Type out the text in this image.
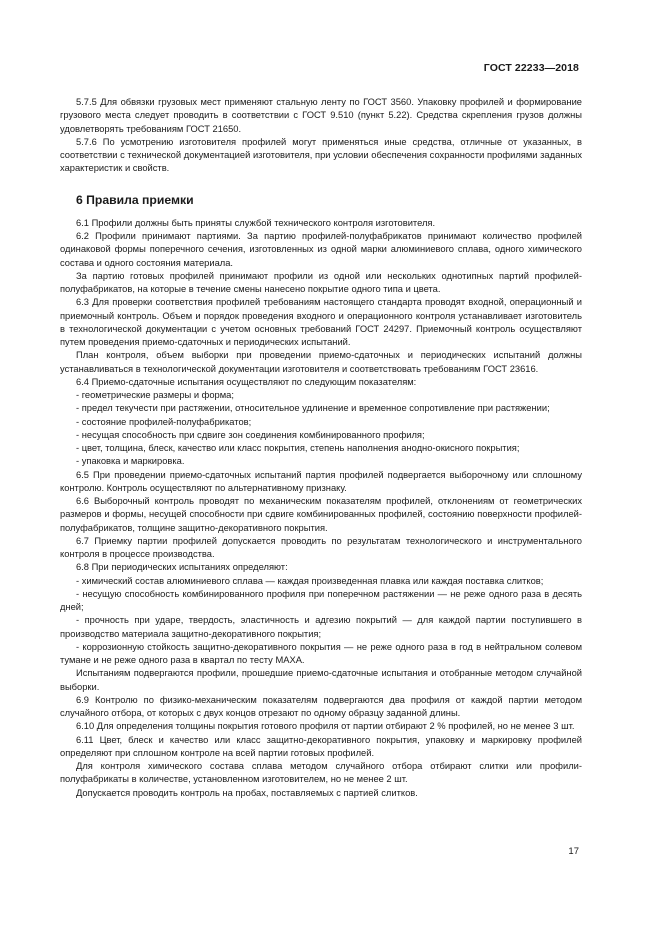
ГОСТ 22233—2018

5.7.5 Для обвязки грузовых мест применяют стальную ленту по ГОСТ 3560. Упаковку профилей и формирование грузового места следует проводить в соответствии с ГОСТ 9.510 (пункт 5.22). Средства скрепления грузов должны удовлетворять требованиям ГОСТ 21650.

5.7.6 По усмотрению изготовителя профилей могут применяться иные средства, отличные от указанных, в соответствии с технической документацией изготовителя, при условии обеспечения сохранности профилями заданных характеристик и свойств.

6 Правила приемки

6.1 Профили должны быть приняты службой технического контроля изготовителя.

6.2 Профили принимают партиями. За партию профилей-полуфабрикатов принимают количество профилей одинаковой формы поперечного сечения, изготовленных из одной марки алюминиевого сплава, одного химического состава и одного состояния материала.

За партию готовых профилей принимают профили из одной или нескольких однотипных партий профилей-полуфабрикатов, на которые в течение смены нанесено покрытие одного типа и цвета.

6.3 Для проверки соответствия профилей требованиям настоящего стандарта проводят входной, операционный и приемочный контроль. Объем и порядок проведения входного и операционного контроля устанавливает изготовитель в технологической документации с учетом основных требований ГОСТ 24297. Приемочный контроль осуществляют путем проведения приемо-сдаточных и периодических испытаний.

План контроля, объем выборки при проведении приемо-сдаточных и периодических испытаний должны устанавливаться в технологической документации изготовителя и соответствовать требованиям ГОСТ 23616.

6.4 Приемо-сдаточные испытания осуществляют по следующим показателям:

- геометрические размеры и форма;

- предел текучести при растяжении, относительное удлинение и временное сопротивление при растяжении;

- состояние профилей-полуфабрикатов;

- несущая способность при сдвиге зон соединения комбинированного профиля;

- цвет, толщина, блеск, качество или класс покрытия, степень наполнения анодно-окисного покрытия;

- упаковка и маркировка.

6.5 При проведении приемо-сдаточных испытаний партия профилей подвергается выборочному или сплошному контролю. Контроль осуществляют по альтернативному признаку.

6.6 Выборочный контроль проводят по механическим показателям профилей, отклонениям от геометрических размеров и формы, несущей способности при сдвиге комбинированных профилей, состоянию поверхности профилей-полуфабрикатов, толщине защитно-декоративного покрытия.

6.7 Приемку партии профилей допускается проводить по результатам технологического и инструментального контроля в процессе производства.

6.8 При периодических испытаниях определяют:

- химический состав алюминиевого сплава — каждая произведенная плавка или каждая поставка слитков;

- несущую способность комбинированного профиля при поперечном растяжении — не реже одного раза в десять дней;

- прочность при ударе, твердость, эластичность и адгезию покрытий — для каждой партии поступившего в производство материала защитно-декоративного покрытия;

- коррозионную стойкость защитно-декоративного покрытия — не реже одного раза в год в нейтральном солевом тумане и не реже одного раза в квартал по тесту МАХА.

Испытаниям подвергаются профили, прошедшие приемо-сдаточные испытания и отобранные методом случайной выборки.

6.9 Контролю по физико-механическим показателям подвергаются два профиля от каждой партии методом случайного отбора, от которых с двух концов отрезают по одному образцу заданной длины.

6.10 Для определения толщины покрытия готового профиля от партии отбирают 2 % профилей, но не менее 3 шт.

6.11 Цвет, блеск и качество или класс защитно-декоративного покрытия, упаковку и маркировку профилей определяют при сплошном контроле на всей партии готовых профилей.

Для контроля химического состава сплава методом случайного отбора отбирают слитки или профили-полуфабрикаты в количестве, установленном изготовителем, но не менее 2 шт.

Допускается проводить контроль на пробах, поставляемых с партией слитков.

17
